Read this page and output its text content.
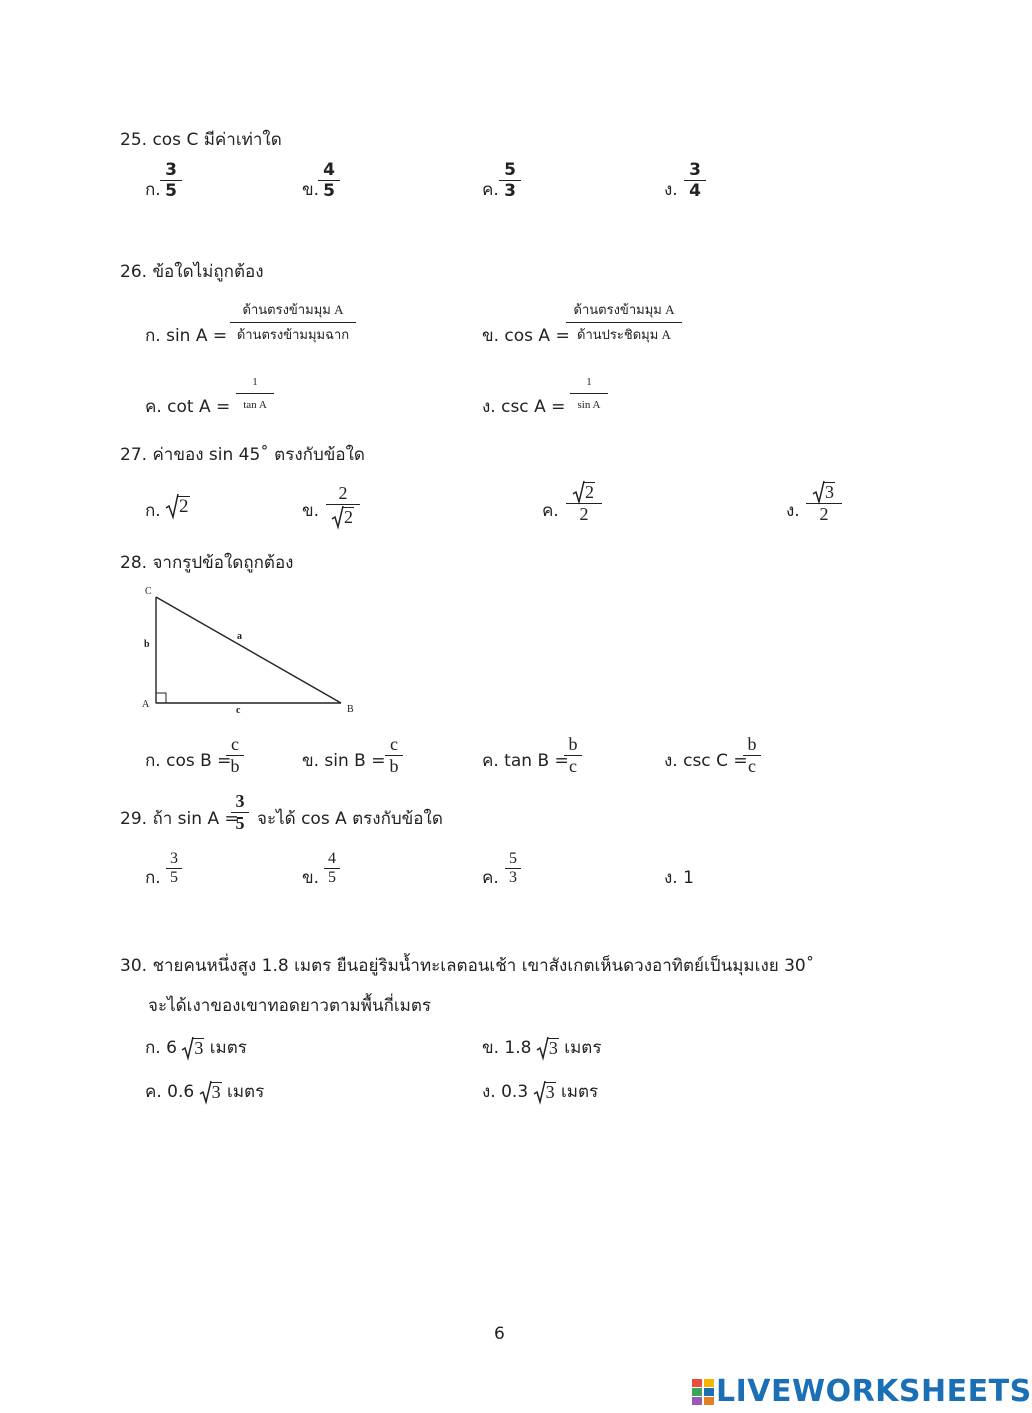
25. cos C มีค่าเท่าใด
ก.
3
5	ข.
4
5	ค.
5
3	ง.
3
4
26. ข้อใดไม่ถูกต้อง
ก. sin A =
ด้านตรงข้ามมุม A
ด้านตรงข้ามมุมฉาก	ข. cos A =
ด้านตรงข้ามมุม A
ด้านประชิดมุม A
ค. cot A =
1
tan A	ง. csc A =
1
sin A
27. ค่าของ sin 45˚ ตรงกับข้อใด
ก. 2	ข.
2
2	ค.
2
2	ง.
3
2
28. จากรูปข้อใดถูกต้อง
C
A	B
a
b
c
ก. cos B =
c
b	ข. sin B =
c
b	ค. tan B =
b
c	ง. csc C =
b
c
29. ถ้า sin A =
3
5 จะได้ cos A ตรงกับข้อใด
ก.
3
5	ข.
4
5	ค.
5
3	ง. 1
30. ชายคนหนึ่งสูง 1.8 เมตร ยืนอยู่ริมน้ำทะเลตอนเช้า เขาสังเกตเห็นดวงอาทิตย์เป็นมุมเงย 30˚
จะได้เงาของเขาทอดยาวตามพื้นกี่เมตร
ก. 6 3 เมตร	ข. 1.8 3 เมตร
ค. 0.6 3 เมตร	ง. 0.3 3 เมตร
6
LIVEWORKSHEETS
